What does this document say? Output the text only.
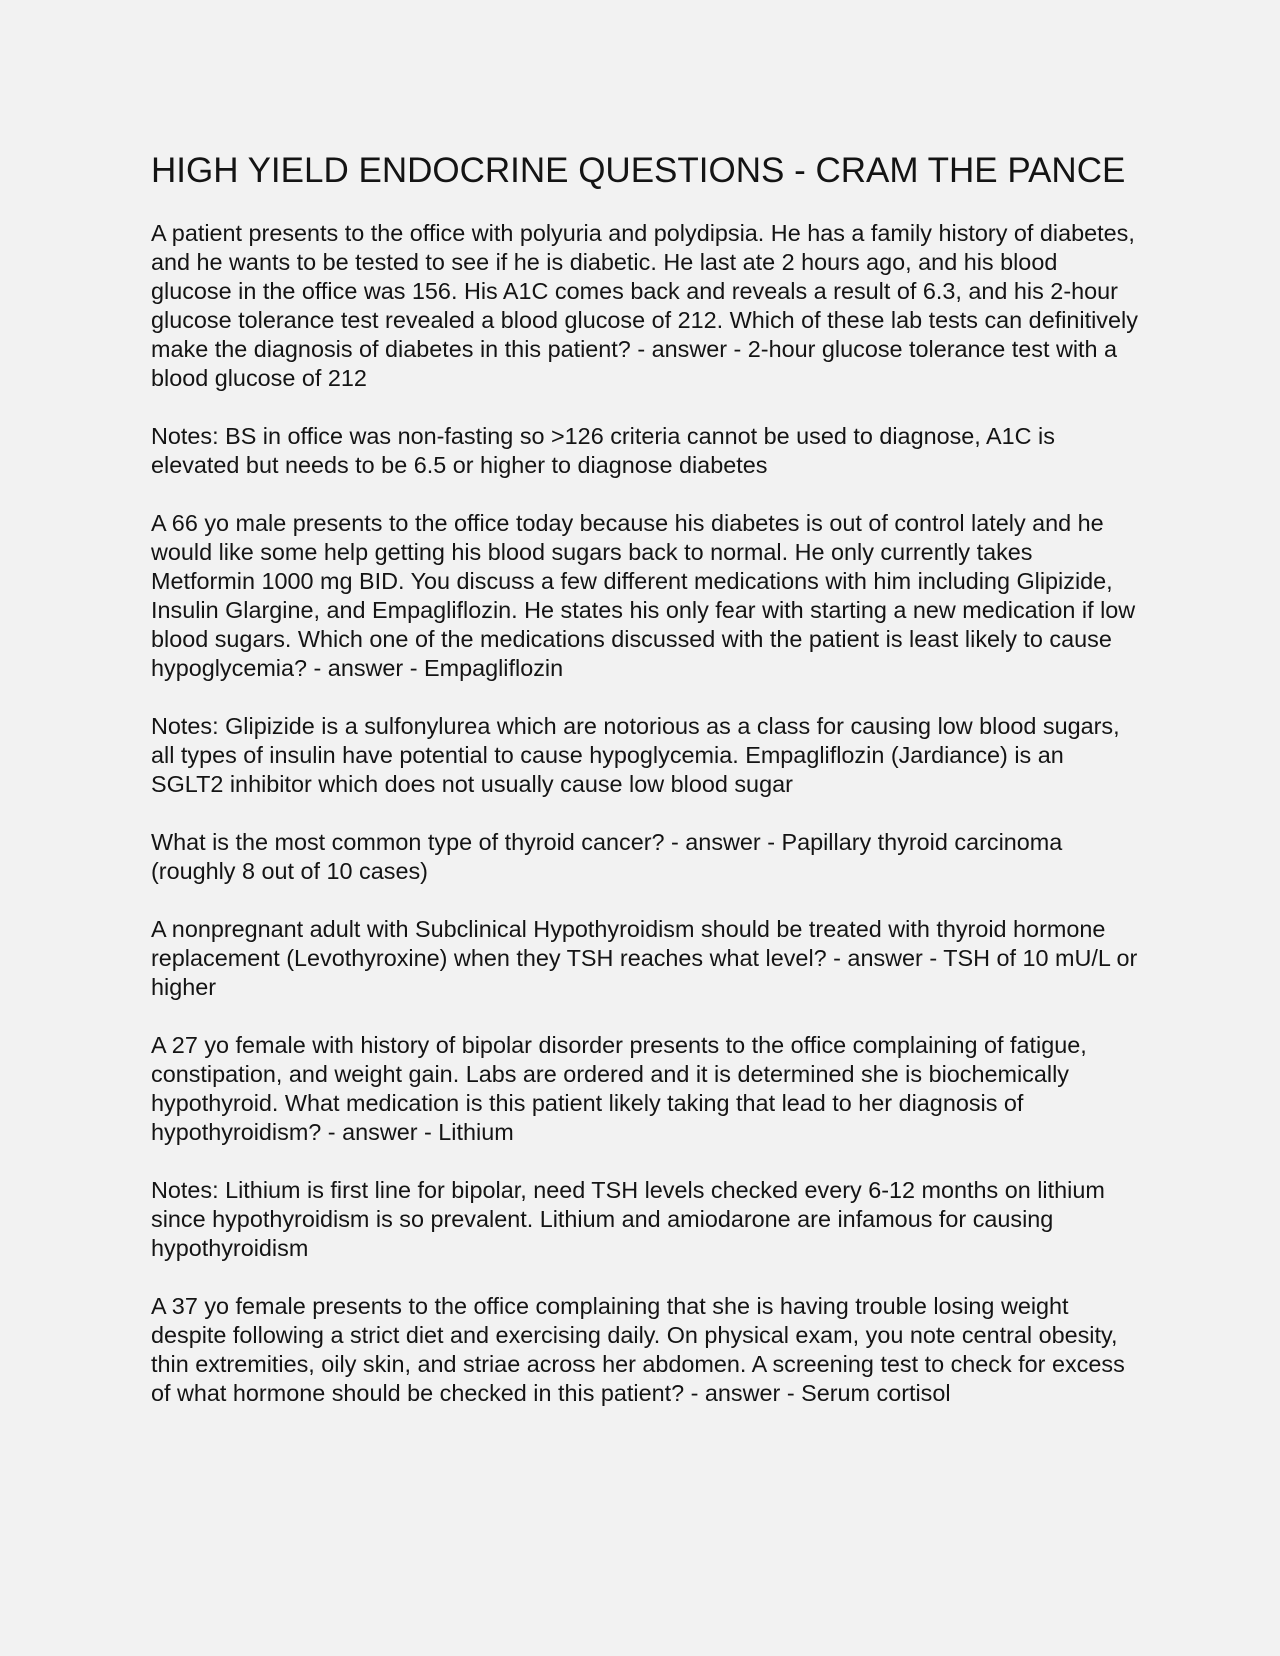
HIGH YIELD ENDOCRINE QUESTIONS - CRAM THE PANCE

A patient presents to the office with polyuria and polydipsia. He has a family history of diabetes, and he wants to be tested to see if he is diabetic. He last ate 2 hours ago, and his blood glucose in the office was 156. His A1C comes back and reveals a result of 6.3, and his 2-hour glucose tolerance test revealed a blood glucose of 212. Which of these lab tests can definitively make the diagnosis of diabetes in this patient? - answer - 2-hour glucose tolerance test with a blood glucose of 212

Notes: BS in office was non-fasting so >126 criteria cannot be used to diagnose, A1C is elevated but needs to be 6.5 or higher to diagnose diabetes

A 66 yo male presents to the office today because his diabetes is out of control lately and he would like some help getting his blood sugars back to normal. He only currently takes Metformin 1000 mg BID. You discuss a few different medications with him including Glipizide, Insulin Glargine, and Empagliflozin. He states his only fear with starting a new medication if low blood sugars. Which one of the medications discussed with the patient is least likely to cause hypoglycemia? - answer - Empagliflozin

Notes: Glipizide is a sulfonylurea which are notorious as a class for causing low blood sugars, all types of insulin have potential to cause hypoglycemia. Empagliflozin (Jardiance) is an SGLT2 inhibitor which does not usually cause low blood sugar

What is the most common type of thyroid cancer? - answer - Papillary thyroid carcinoma (roughly 8 out of 10 cases)

A nonpregnant adult with Subclinical Hypothyroidism should be treated with thyroid hormone replacement (Levothyroxine) when they TSH reaches what level? - answer - TSH of 10 mU/L or higher

A 27 yo female with history of bipolar disorder presents to the office complaining of fatigue, constipation, and weight gain. Labs are ordered and it is determined she is biochemically hypothyroid. What medication is this patient likely taking that lead to her diagnosis of hypothyroidism? - answer - Lithium

Notes: Lithium is first line for bipolar, need TSH levels checked every 6-12 months on lithium since hypothyroidism is so prevalent. Lithium and amiodarone are infamous for causing hypothyroidism

A 37 yo female presents to the office complaining that she is having trouble losing weight despite following a strict diet and exercising daily. On physical exam, you note central obesity, thin extremities, oily skin, and striae across her abdomen. A screening test to check for excess of what hormone should be checked in this patient? - answer - Serum cortisol
